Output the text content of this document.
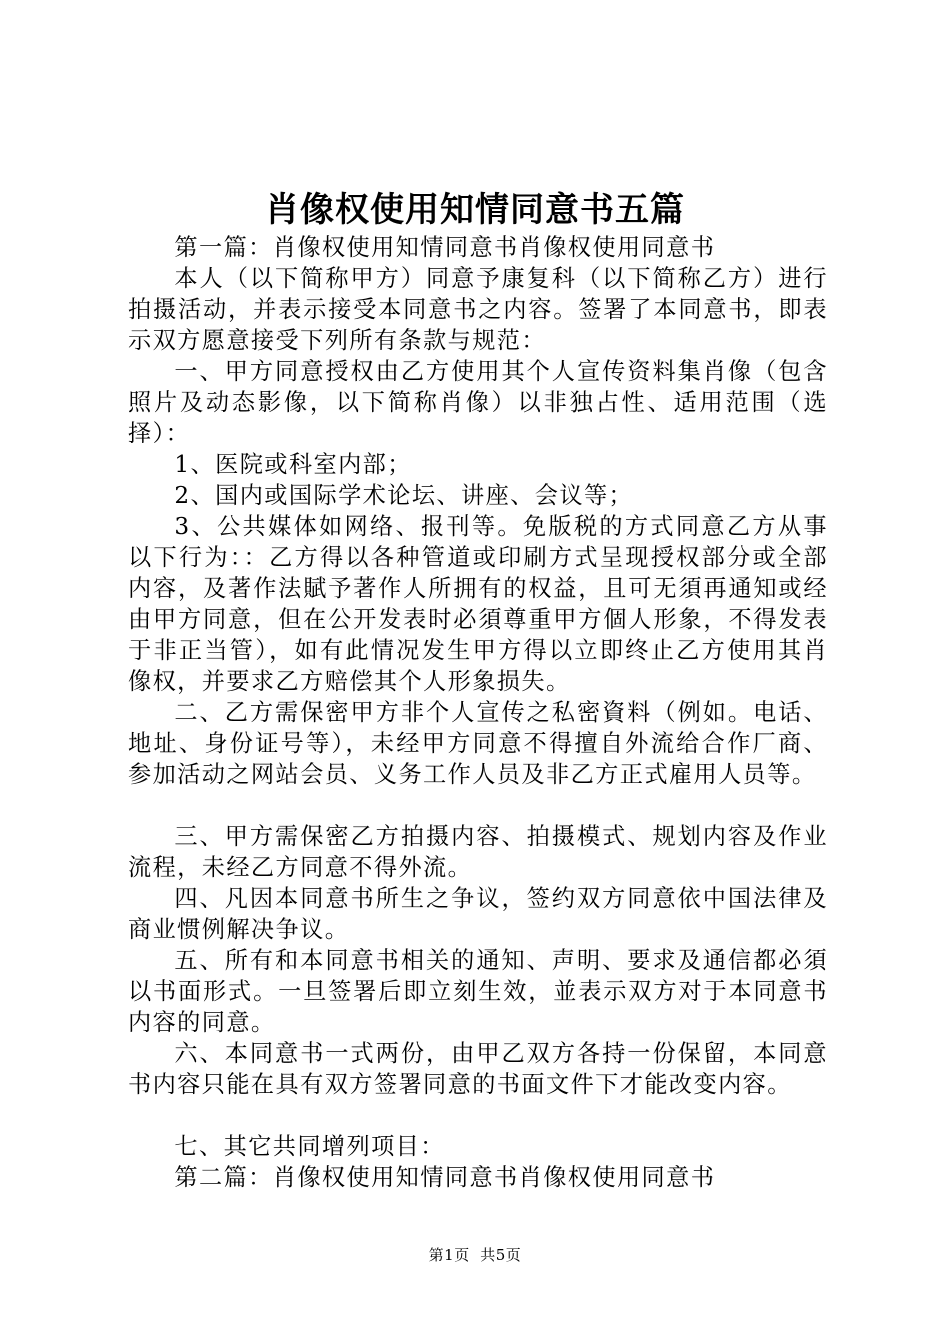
肖像权使用知情同意书五篇

第一篇：肖像权使用知情同意书肖像权使用同意书

本人（以下简称甲方）同意予康复科（以下简称乙方）进行拍摄活动，并表示接受本同意书之内容。签署了本同意书，即表示双方愿意接受下列所有条款与规范：

一、甲方同意授权由乙方使用其个人宣传资料集肖像（包含照片及动态影像，以下简称肖像）以非独占性、适用范围（选择）：

1、医院或科室内部；

2、国内或国际学术论坛、讲座、会议等；

3、公共媒体如网络、报刊等。免版税的方式同意乙方从事以下行为：：乙方得以各种管道或印刷方式呈现授权部分或全部内容，及著作法賦予著作人所拥有的权益，且可无須再通知或经由甲方同意，但在公开发表时必須尊重甲方個人形象，不得发表于非正当管），如有此情况发生甲方得以立即终止乙方使用其肖像权，并要求乙方赔偿其个人形象损失。

二、乙方需保密甲方非个人宣传之私密資料（例如。电话、地址、身份证号等），未经甲方同意不得擅自外流给合作厂商、参加活动之网站会员、义务工作人员及非乙方正式雇用人员等。

三、甲方需保密乙方拍摄内容、拍摄模式、规划内容及作业流程，未经乙方同意不得外流。

四、凡因本同意书所生之争议，签约双方同意依中国法律及商业惯例解决争议。

五、所有和本同意书相关的通知、声明、要求及通信都必須以书面形式。一旦签署后即立刻生效，並表示双方对于本同意书内容的同意。

六、本同意书一式两份，由甲乙双方各持一份保留，本同意书内容只能在具有双方签署同意的书面文件下才能改变内容。

七、其它共同增列项目：

第二篇：肖像权使用知情同意书肖像权使用同意书

第1页 共5页
